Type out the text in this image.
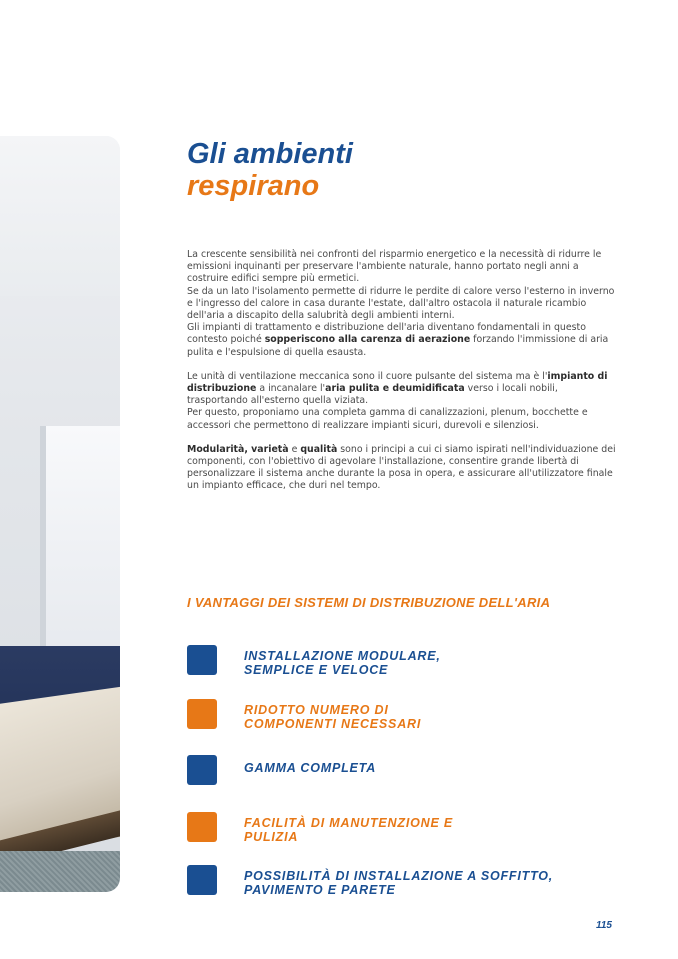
Gli ambienti
respirano

La crescente sensibilità nei confronti del risparmio energetico e la necessità di ridurre le emissioni inquinanti per preservare l'ambiente naturale, hanno portato negli anni a costruire edifici sempre più ermetici.
Se da un lato l'isolamento permette di ridurre le perdite di calore verso l'esterno in inverno e l'ingresso del calore in casa durante l'estate, dall'altro ostacola il naturale ricambio dell'aria a discapito della salubrità degli ambienti interni.
Gli impianti di trattamento e distribuzione dell'aria diventano fondamentali in questo contesto poiché sopperiscono alla carenza di aerazione forzando l'immissione di aria pulita e l'espulsione di quella esausta.

Le unità di ventilazione meccanica sono il cuore pulsante del sistema ma è l'impianto di distribuzione a incanalare l'aria pulita e deumidificata verso i locali nobili, trasportando all'esterno quella viziata.
Per questo, proponiamo una completa gamma di canalizzazioni, plenum, bocchette e accessori che permettono di realizzare impianti sicuri, durevoli e silenziosi.

Modularità, varietà e qualità sono i principi a cui ci siamo ispirati nell'individuazione dei componenti, con l'obiettivo di agevolare l'installazione, consentire grande libertà di personalizzare il sistema anche durante la posa in opera, e assicurare all'utilizzatore finale un impianto efficace, che duri nel tempo.

I VANTAGGI DEI SISTEMI DI DISTRIBUZIONE DELL'ARIA
INSTALLAZIONE MODULARE,
SEMPLICE E VELOCE
RIDOTTO NUMERO DI
COMPONENTI NECESSARI
GAMMA COMPLETA
FACILITÀ DI MANUTENZIONE E
PULIZIA
POSSIBILITÀ DI INSTALLAZIONE A SOFFITTO,
PAVIMENTO E PARETE
115
